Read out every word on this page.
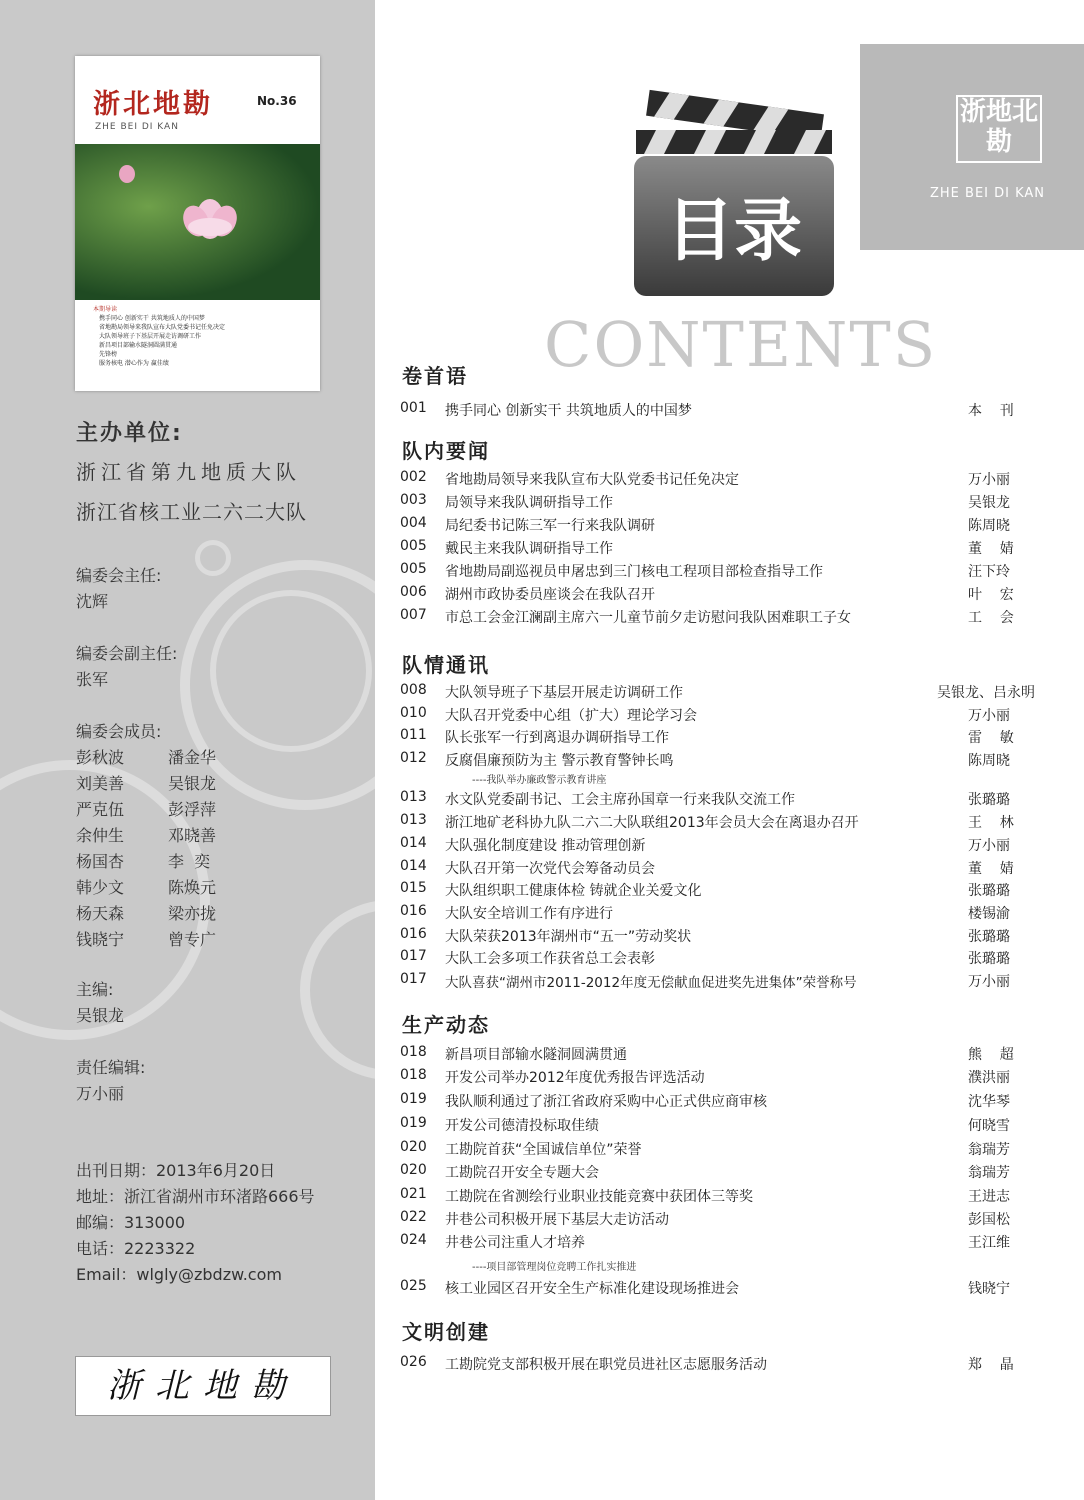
浙北地勘	No.36
ZHE BEI DI KAN
本期导读
携手同心 创新实干 共筑地质人的中国梦
省地勘局领导来我队宣布大队党委书记任免决定
大队领导班子下基层开展走访调研工作
新昌项目部输水隧洞圆满贯通
先锋榜
服务核电 潜心作为 赢佳绩
主办单位:
浙江省第九地质大队
浙江省核工业二六二大队
编委会主任:
沈辉
编委会副主任:
张军
编委会成员:
彭秋波	潘金华
刘美善	吴银龙
严克伍	彭浮萍
余仲生	邓晓善
杨国杏	李  奕
韩少文	陈焕元
杨天森	梁亦拢
钱晓宁	曾专广
主编:
吴银龙
责任编辑:
万小丽
出刊日期：2013年6月20日
地址：浙江省湖州市环渚路666号
邮编：313000
电话：2223322
Email：wlgly@zbdzw.com
浙北地勘
浙地北勘
ZHE BEI DI KAN
目录
CONTENTS
卷首语
001 携手同心 创新实干 共筑地质人的中国梦	本    刊
队内要闻
002 省地勘局领导来我队宣布大队党委书记任免决定	万小丽
003 局领导来我队调研指导工作	吴银龙
004 局纪委书记陈三军一行来我队调研	陈周晓
005 戴民主来我队调研指导工作	董    婧
005 省地勘局副巡视员申屠忠到三门核电工程项目部检查指导工作	汪下玲
006 湖州市政协委员座谈会在我队召开	叶    宏
007 市总工会金江澜副主席六一儿童节前夕走访慰问我队困难职工子女	工    会
队情通讯
008 大队领导班子下基层开展走访调研工作	吴银龙、吕永明
010 大队召开党委中心组（扩大）理论学习会	万小丽
011 队长张军一行到离退办调研指导工作	雷    敏
012 反腐倡廉预防为主 警示教育警钟长鸣	陈周晓
----我队举办廉政警示教育讲座
013 水文队党委副书记、工会主席孙国章一行来我队交流工作	张璐璐
013 浙江地矿老科协九队二六二大队联组2013年会员大会在离退办召开	王    林
014 大队强化制度建设 推动管理创新	万小丽
014 大队召开第一次党代会筹备动员会	董    婧
015 大队组织职工健康体检 铸就企业关爱文化	张璐璐
016 大队安全培训工作有序进行	楼锡渝
016 大队荣获2013年湖州市“五一”劳动奖状	张璐璐
017 大队工会多项工作获省总工会表彰	张璐璐
017 大队喜获“湖州市2011-2012年度无偿献血促进奖先进集体”荣誉称号	万小丽
生产动态
018 新昌项目部输水隧洞圆满贯通	熊    超
018 开发公司举办2012年度优秀报告评选活动	濮洪丽
019 我队顺利通过了浙江省政府采购中心正式供应商审核	沈华琴
019 开发公司德清投标取佳绩	何晓雪
020 工勘院首获“全国诚信单位”荣誉	翁瑞芳
020 工勘院召开安全专题大会	翁瑞芳
021 工勘院在省测绘行业职业技能竞赛中获团体三等奖	王进志
022 井巷公司积极开展下基层大走访活动	彭国松
024 井巷公司注重人才培养	王江维
----项目部管理岗位竞聘工作扎实推进
025 核工业园区召开安全生产标准化建设现场推进会	钱晓宁
文明创建
026 工勘院党支部积极开展在职党员进社区志愿服务活动	郑    晶
